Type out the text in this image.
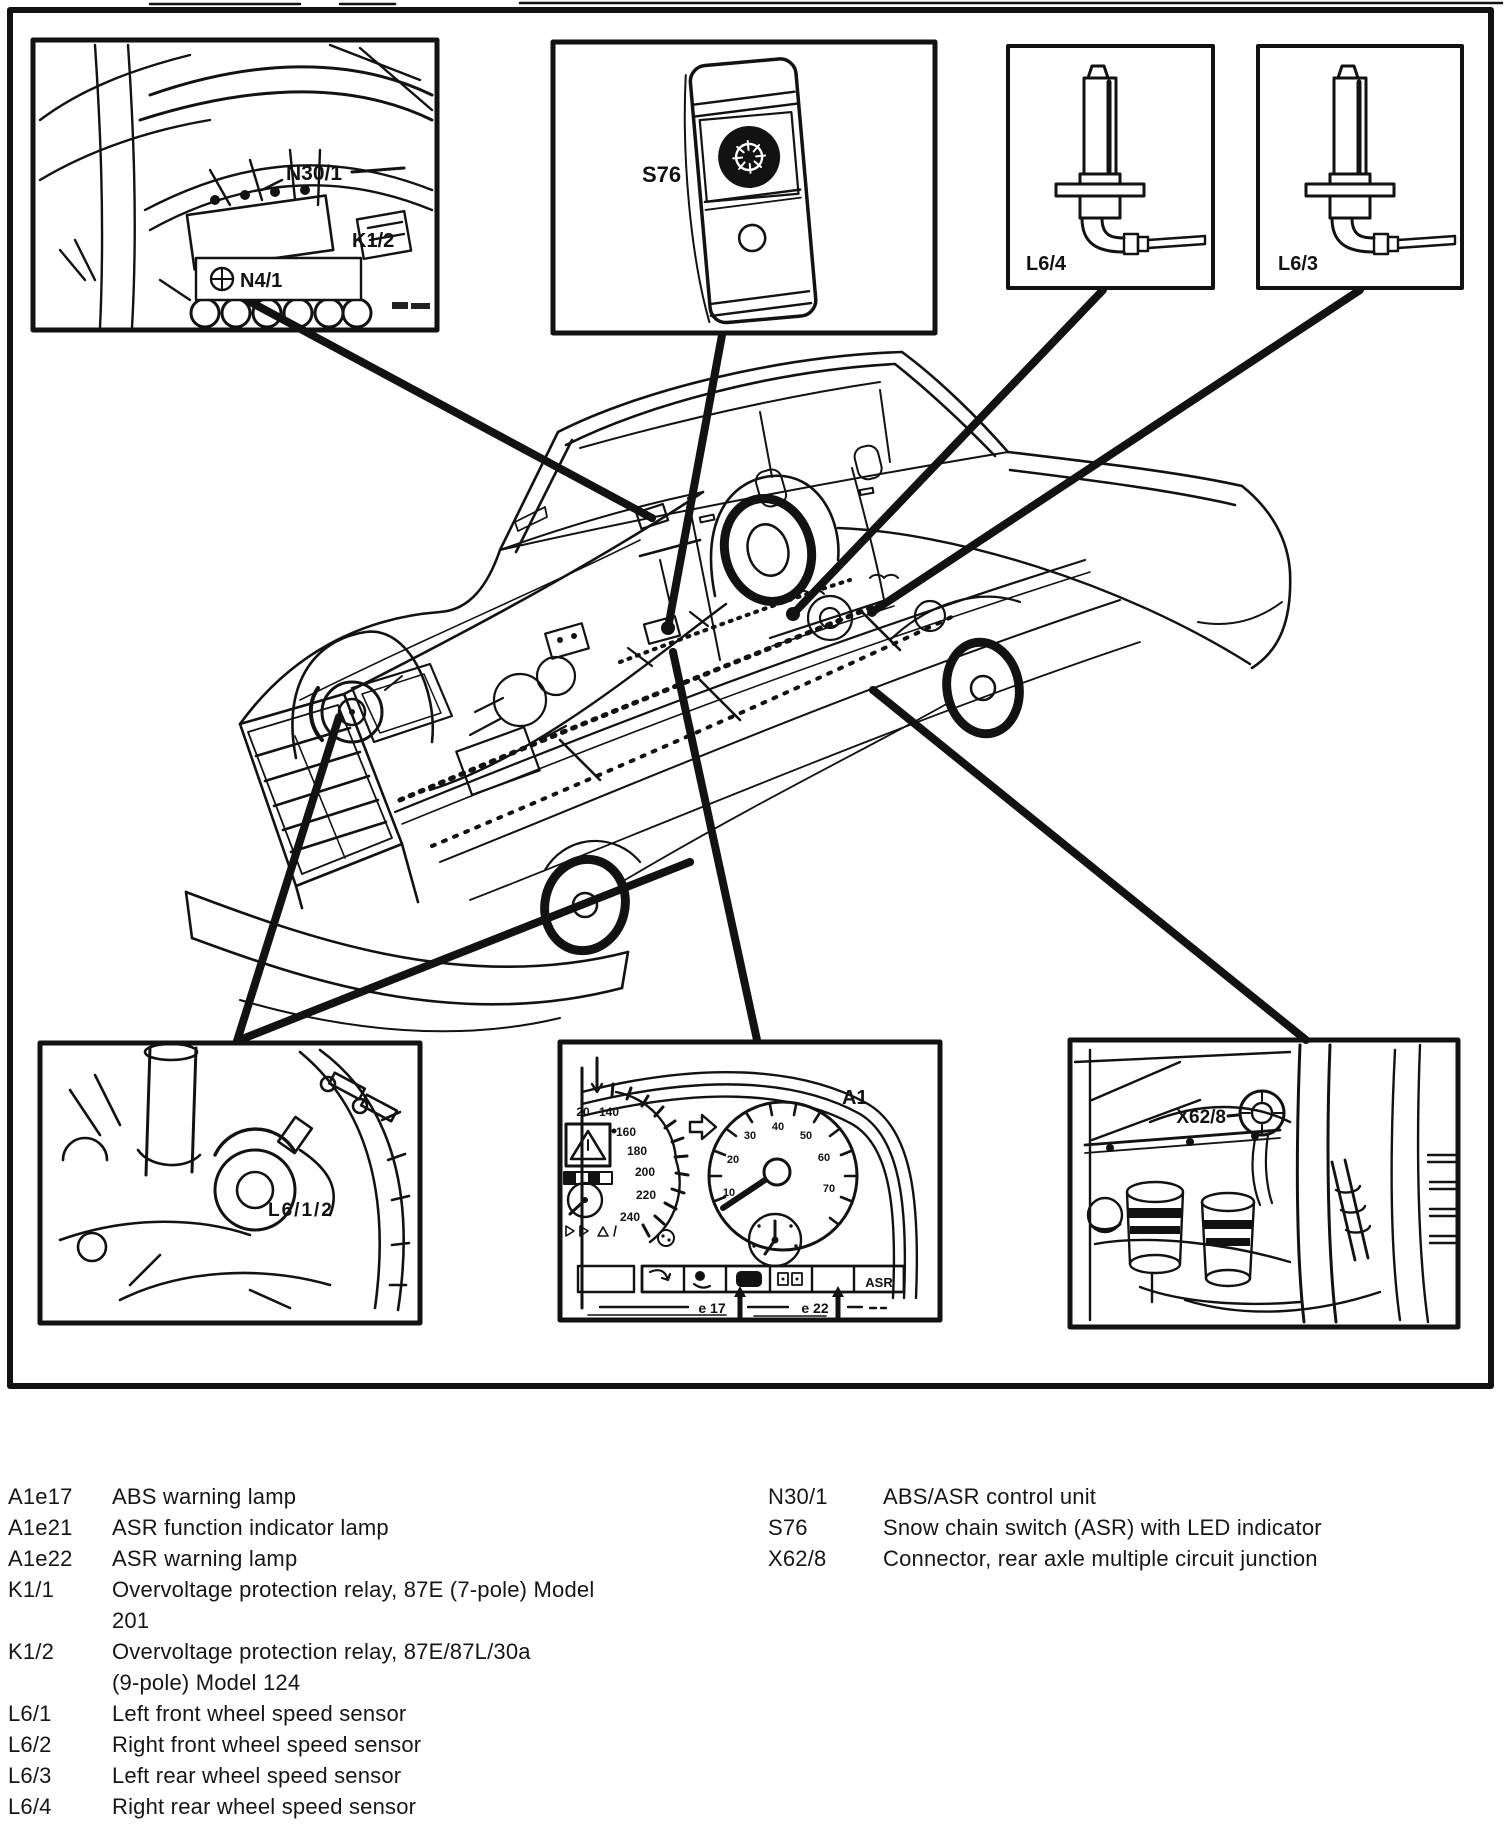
N30/1
K1/2
N4/1
S76
L6/4	L6/3
L6/1/2
A1
20 140
160
180
200
220
240
10
20
30
40
50
60
70
ABS	ASR
e 17	e 22
X62/8
A1e17	ABS warning lamp
A1e21	ASR function indicator lamp
A1e22	ASR warning lamp
K1/1	Overvoltage protection relay, 87E (7-pole) Model
201
K1/2	Overvoltage protection relay, 87E/87L/30a
(9-pole) Model 124
L6/1	Left front wheel speed sensor
L6/2	Right front wheel speed sensor
L6/3	Left rear wheel speed sensor
L6/4	Right rear wheel speed sensor
N30/1	ABS/ASR control unit
S76	Snow chain switch (ASR) with LED indicator
X62/8	Connector, rear axle multiple circuit junction
